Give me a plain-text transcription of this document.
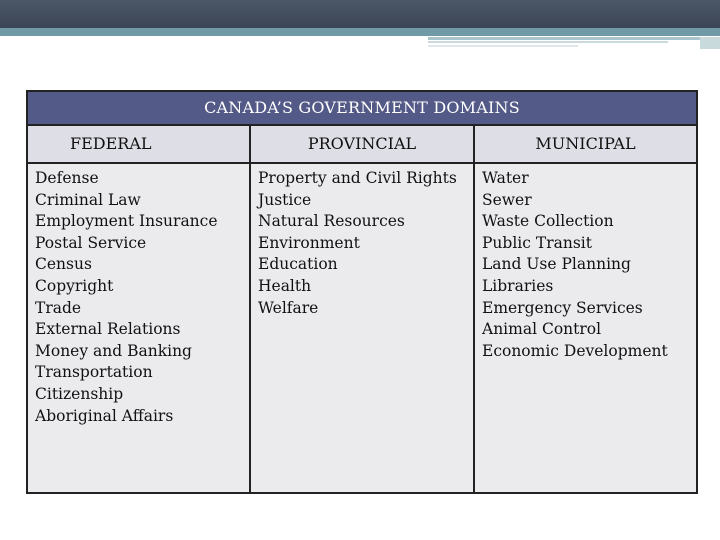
CANADA’S GOVERNMENT DOMAINS
FEDERAL
Defense
Criminal Law
Employment Insurance
Postal Service
Census
Copyright
Trade
External Relations
Money and Banking
Transportation
Citizenship
Aboriginal Affairs
PROVINCIAL
Property and Civil Rights
Justice
Natural Resources
Environment
Education
Health
Welfare
MUNICIPAL
Water
Sewer
Waste Collection
Public Transit
Land Use Planning
Libraries
Emergency Services
Animal Control
Economic Development
